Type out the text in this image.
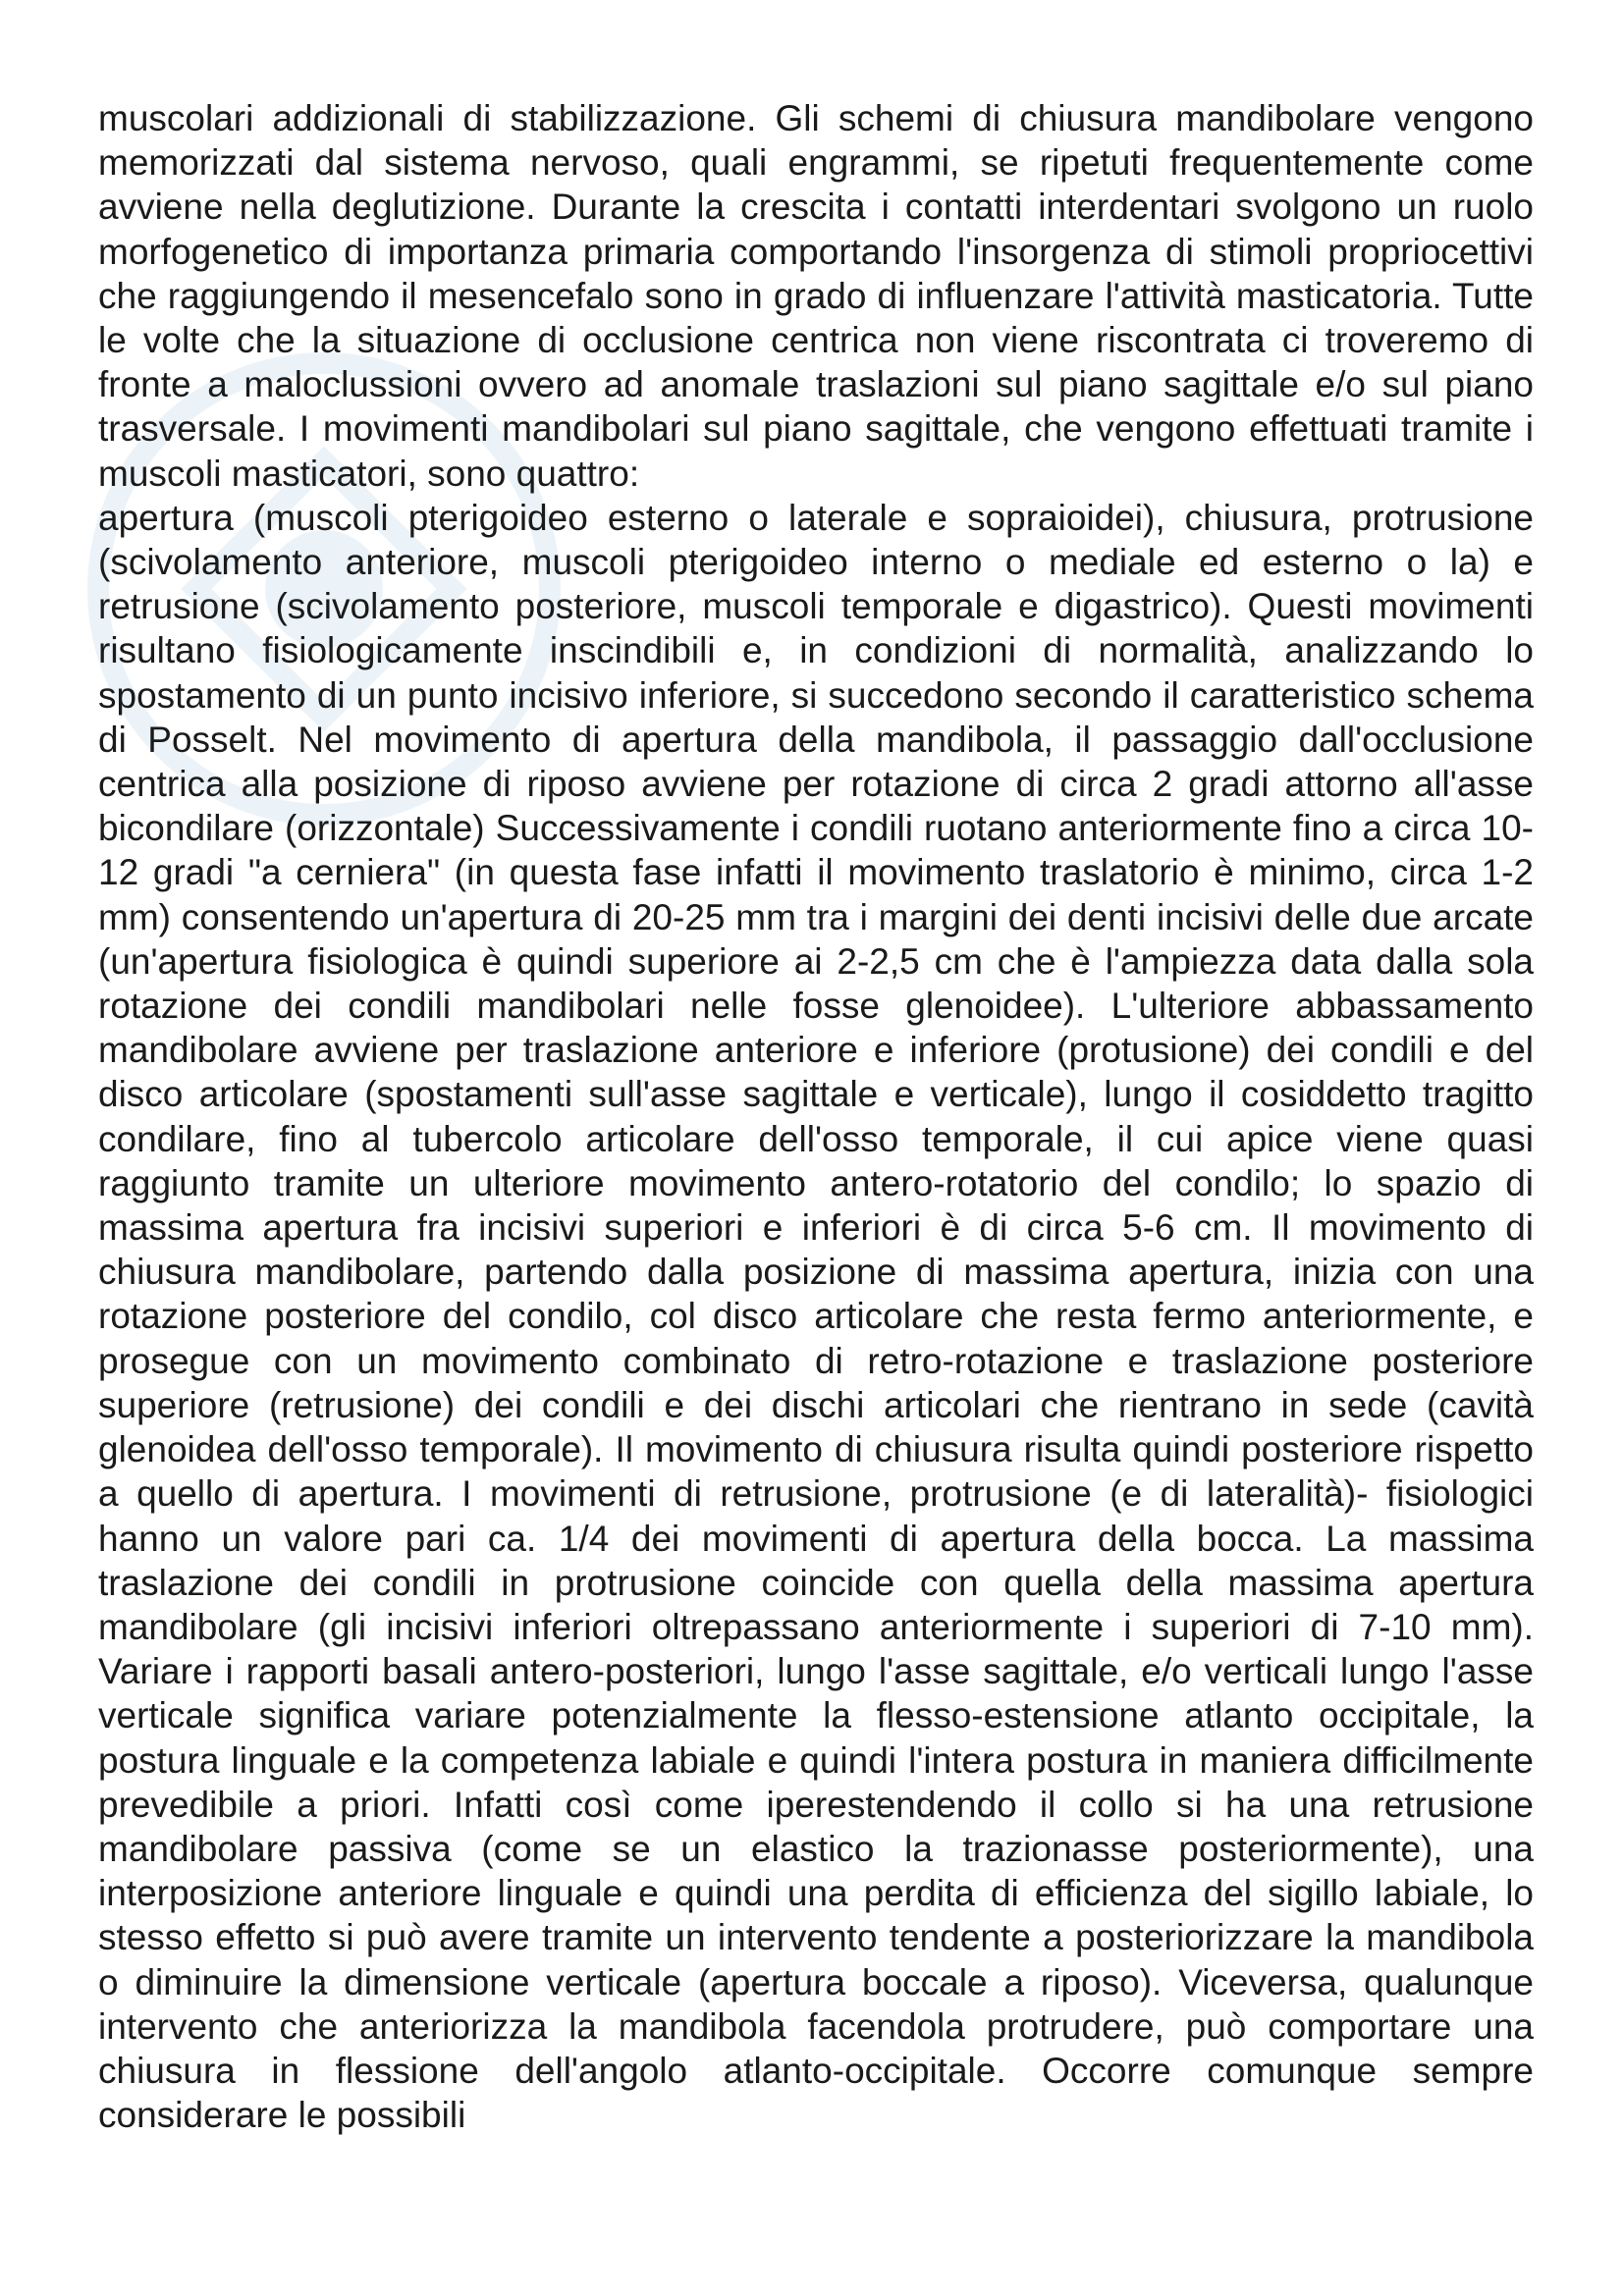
muscolari addizionali di stabilizzazione. Gli schemi di chiusura mandibolare vengono memorizzati dal sistema nervoso, quali engrammi, se ripetuti frequentemente come avviene nella deglutizione. Durante la crescita i contatti interdentari svolgono un ruolo morfogenetico di importanza primaria comportando l'insorgenza di stimoli propriocettivi che raggiungendo il mesencefalo sono in grado di influenzare l'attività masticatoria. Tutte le volte che la situazione di occlusione centrica non viene riscontrata ci troveremo di fronte a maloclussioni ovvero ad anomale traslazioni sul piano sagittale e/o sul piano trasversale. I movimenti mandibolari sul piano sagittale, che vengono effettuati tramite i muscoli masticatori, sono quattro:

apertura (muscoli pterigoideo esterno o laterale e sopraioidei), chiusura, protrusione (scivolamento anteriore, muscoli pterigoideo interno o mediale ed esterno o la) e retrusione (scivolamento posteriore, muscoli temporale e digastrico). Questi movimenti risultano fisiologicamente inscindibili e, in condizioni di normalità, analizzando lo spostamento di un punto incisivo inferiore, si succedono secondo il caratteristico schema di Posselt. Nel movimento di apertura della mandibola, il passaggio dall'occlusione centrica alla posizione di riposo avviene per rotazione di circa 2 gradi attorno all'asse bicondilare (orizzontale) Successivamente i condili ruotano anteriormente fino a circa 10-12 gradi "a cerniera" (in questa fase infatti il movimento traslatorio è minimo, circa 1-2 mm) consentendo un'apertura di 20-25 mm tra i margini dei denti incisivi delle due arcate (un'apertura fisiologica è quindi superiore ai 2-2,5 cm che è l'ampiezza data dalla sola rotazione dei condili mandibolari nelle fosse glenoidee). L'ulteriore abbassamento mandibolare avviene per traslazione anteriore e inferiore (protusione) dei condili e del disco articolare (spostamenti sull'asse sagittale e verticale), lungo il cosiddetto tragitto condilare, fino al tubercolo articolare dell'osso temporale, il cui apice viene quasi raggiunto tramite un ulteriore movimento antero-rotatorio del condilo; lo spazio di massima apertura fra incisivi superiori e inferiori è di circa 5-6 cm. Il movimento di chiusura mandibolare, partendo dalla posizione di massima apertura, inizia con una rotazione posteriore del condilo, col disco articolare che resta fermo anteriormente, e prosegue con un movimento combinato di retro-rotazione e traslazione posteriore superiore (retrusione) dei condili e dei dischi articolari che rientrano in sede (cavità glenoidea dell'osso temporale). Il movimento di chiusura risulta quindi posteriore rispetto a quello di apertura. I movimenti di retrusione, protrusione (e di lateralità)- fisiologici hanno un valore pari ca. 1/4 dei movimenti di apertura della bocca. La massima traslazione dei condili in protrusione coincide con quella della massima apertura mandibolare (gli incisivi inferiori oltrepassano anteriormente i superiori di 7-10 mm). Variare i rapporti basali antero-posteriori, lungo l'asse sagittale, e/o verticali lungo l'asse verticale significa variare potenzialmente la flesso-estensione atlanto occipitale, la postura linguale e la competenza labiale e quindi l'intera postura in maniera difficilmente prevedibile a priori. Infatti così come iperestendendo il collo si ha una retrusione mandibolare passiva (come se un elastico la trazionasse posteriormente), una interposizione anteriore linguale e quindi una perdita di efficienza del sigillo labiale, lo stesso effetto si può avere tramite un intervento tendente a posteriorizzare la mandibola o diminuire la dimensione verticale (apertura boccale a riposo). Viceversa, qualunque intervento che anteriorizza la mandibola facendola protrudere, può comportare una chiusura in flessione dell'angolo atlanto-occipitale. Occorre comunque sempre considerare le possibili
